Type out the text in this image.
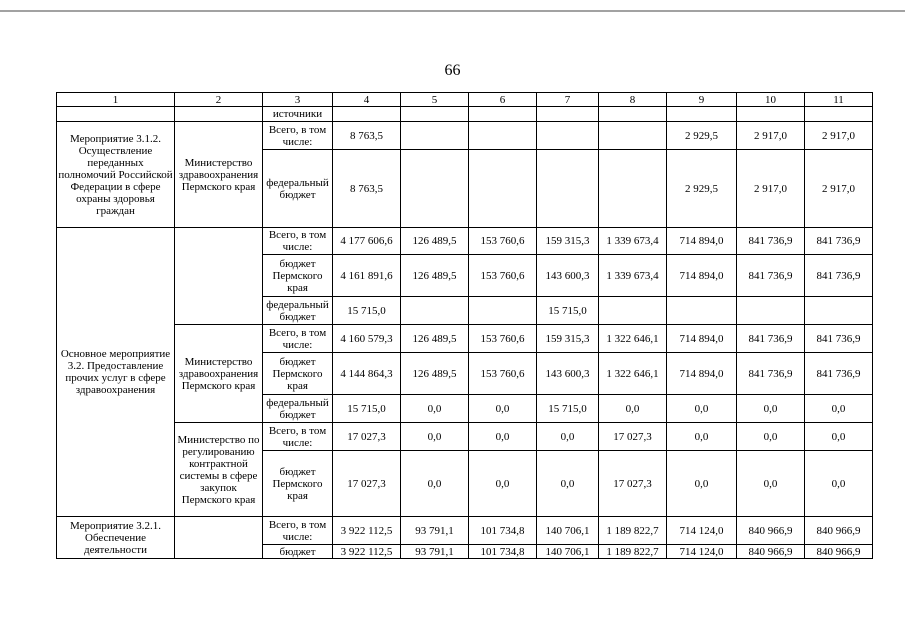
66
1	2	3	4	5	6	7	8	9	10	11
		источники								
Мероприятие 3.1.2. Осуществление переданных полномочий Российской Федерации в сфере охраны здоровья граждан	Министерство здравоохранения Пермского края	Всего, в том числе:	8 763,5					2 929,5	2 917,0	2 917,0
		федеральный бюджет	8 763,5					2 929,5	2 917,0	2 917,0
Основное мероприятие 3.2. Предоставление прочих услуг в сфере здравоохранения		Всего, в том числе:	4 177 606,6	126 489,5	153 760,6	159 315,3	1 339 673,4	714 894,0	841 736,9	841 736,9
		бюджет Пермского края	4 161 891,6	126 489,5	153 760,6	143 600,3	1 339 673,4	714 894,0	841 736,9	841 736,9
		федеральный бюджет	15 715,0			15 715,0				
	Министерство здравоохранения Пермского края	Всего, в том числе:	4 160 579,3	126 489,5	153 760,6	159 315,3	1 322 646,1	714 894,0	841 736,9	841 736,9
		бюджет Пермского края	4 144 864,3	126 489,5	153 760,6	143 600,3	1 322 646,1	714 894,0	841 736,9	841 736,9
		федеральный бюджет	15 715,0	0,0	0,0	15 715,0	0,0	0,0	0,0	0,0
	Министерство по регулированию контрактной системы в сфере закупок Пермского края	Всего, в том числе:	17 027,3	0,0	0,0	0,0	17 027,3	0,0	0,0	0,0
		бюджет Пермского края	17 027,3	0,0	0,0	0,0	17 027,3	0,0	0,0	0,0
Мероприятие 3.2.1. Обеспечение деятельности		Всего, в том числе:	3 922 112,5	93 791,1	101 734,8	140 706,1	1 189 822,7	714 124,0	840 966,9	840 966,9
		бюджет	3 922 112,5	93 791,1	101 734,8	140 706,1	1 189 822,7	714 124,0	840 966,9	840 966,9
